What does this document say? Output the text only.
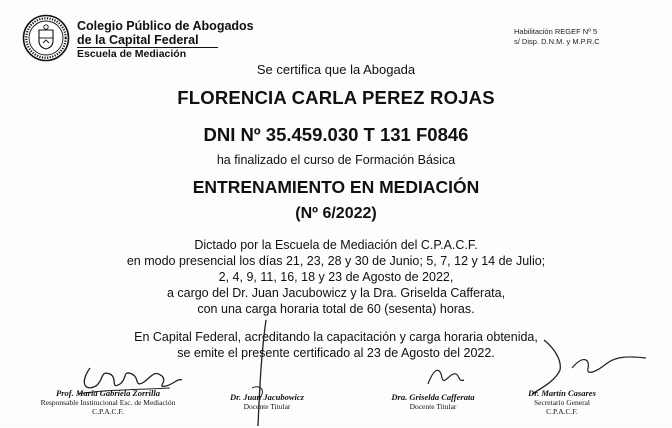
Colegio Público de Abogados
de la Capital Federal
Escuela de Mediación
Habilitación REGEF Nº 5
s/ Disp. D.N.M. y M.P.R.C
Se certifica que la Abogada
FLORENCIA CARLA PEREZ ROJAS
DNI Nº 35.459.030 T 131 F0846
ha finalizado el curso de Formación Básica
ENTRENAMIENTO EN MEDIACIÓN
(Nº 6/2022)
Dictado por la Escuela de Mediación del C.P.A.C.F.
en modo presencial los días 21, 23, 28 y 30 de Junio; 5, 7, 12 y 14 de Julio;
2, 4, 9, 11, 16, 18 y 23 de Agosto de 2022,
a cargo del Dr. Juan Jacubowicz y la Dra. Griselda Cafferata,
con una carga horaria total de 60 (sesenta) horas.
En Capital Federal, acreditando la capacitación y carga horaria obtenida,
se emite el presente certificado al 23 de Agosto del 2022.
Prof. María Gabriela Zorrilla
Responsable Institucional Esc. de Mediación
C.P.A.C.F.
Dr. Juan Jacubowicz
Docente Titular
Dra. Griselda Cafferata
Docente Titular
Dr. Martín Casares
Secretario General
C.P.A.C.F.
